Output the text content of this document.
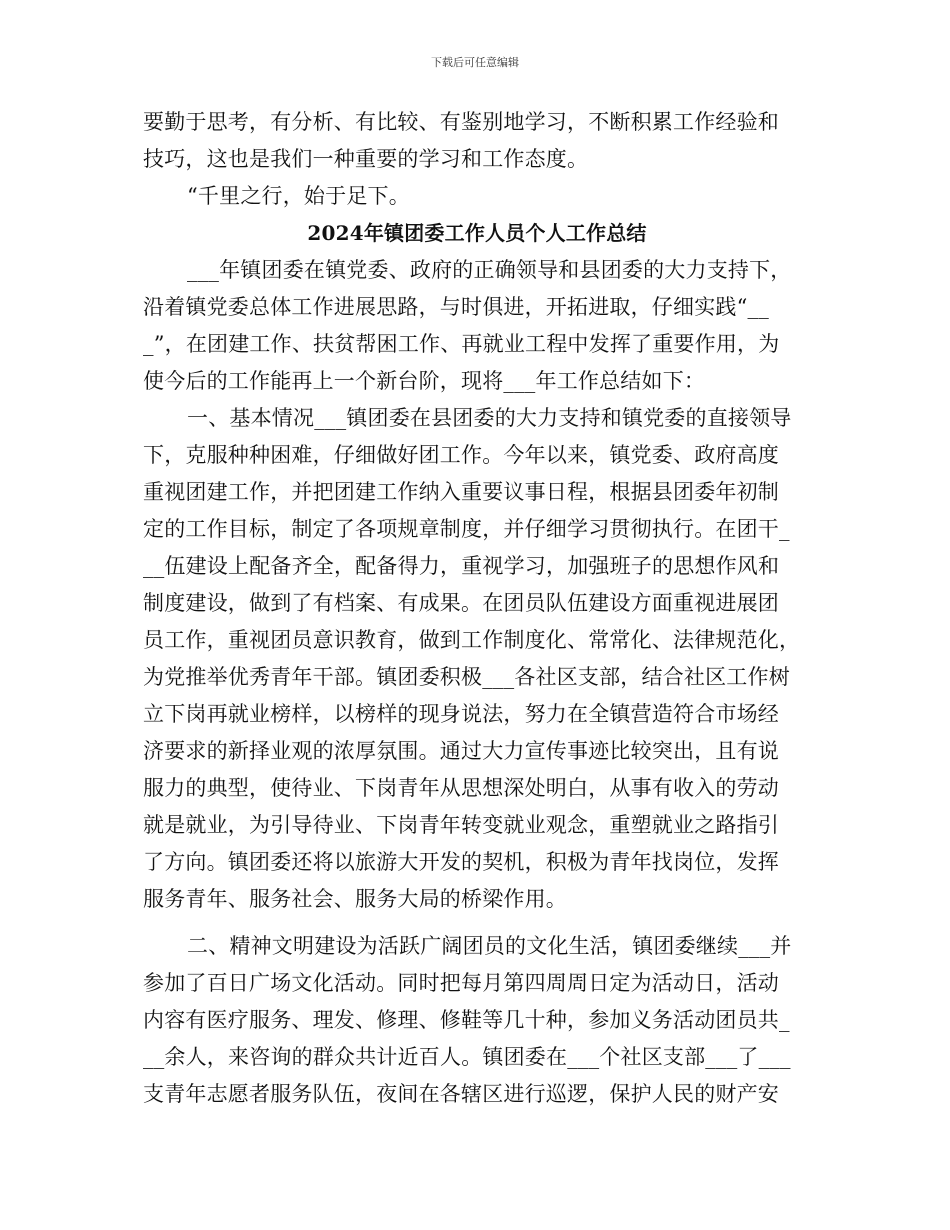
下载后可任意编辑
要勤于思考，有分析、有比较、有鉴别地学习，不断积累工作经验和
技巧，这也是我们一种重要的学习和工作态度。
“千里之行，始于足下。
2024年镇团委工作人员个人工作总结
___年镇团委在镇党委、政府的正确领导和县团委的大力支持下，
沿着镇党委总体工作进展思路，与时俱进，开拓进取，仔细实践“__
_”，在团建工作、扶贫帮困工作、再就业工程中发挥了重要作用，为
使今后的工作能再上一个新台阶，现将___年工作总结如下：
一、基本情况___镇团委在县团委的大力支持和镇党委的直接领导
下，克服种种困难，仔细做好团工作。今年以来，镇党委、政府高度
重视团建工作，并把团建工作纳入重要议事日程，根据县团委年初制
定的工作目标，制定了各项规章制度，并仔细学习贯彻执行。在团干_
__伍建设上配备齐全，配备得力，重视学习，加强班子的思想作风和
制度建设，做到了有档案、有成果。在团员队伍建设方面重视进展团
员工作，重视团员意识教育，做到工作制度化、常常化、法律规范化，
为党推举优秀青年干部。镇团委积极___各社区支部，结合社区工作树
立下岗再就业榜样，以榜样的现身说法，努力在全镇营造符合市场经
济要求的新择业观的浓厚氛围。通过大力宣传事迹比较突出，且有说
服力的典型，使待业、下岗青年从思想深处明白，从事有收入的劳动
就是就业，为引导待业、下岗青年转变就业观念，重塑就业之路指引
了方向。镇团委还将以旅游大开发的契机，积极为青年找岗位，发挥
服务青年、服务社会、服务大局的桥梁作用。
二、精神文明建设为活跃广阔团员的文化生活，镇团委继续___并
参加了百日广场文化活动。同时把每月第四周周日定为活动日，活动
内容有医疗服务、理发、修理、修鞋等几十种，参加义务活动团员共_
__余人，来咨询的群众共计近百人。镇团委在___个社区支部___了___
支青年志愿者服务队伍，夜间在各辖区进行巡逻，保护人民的财产安
